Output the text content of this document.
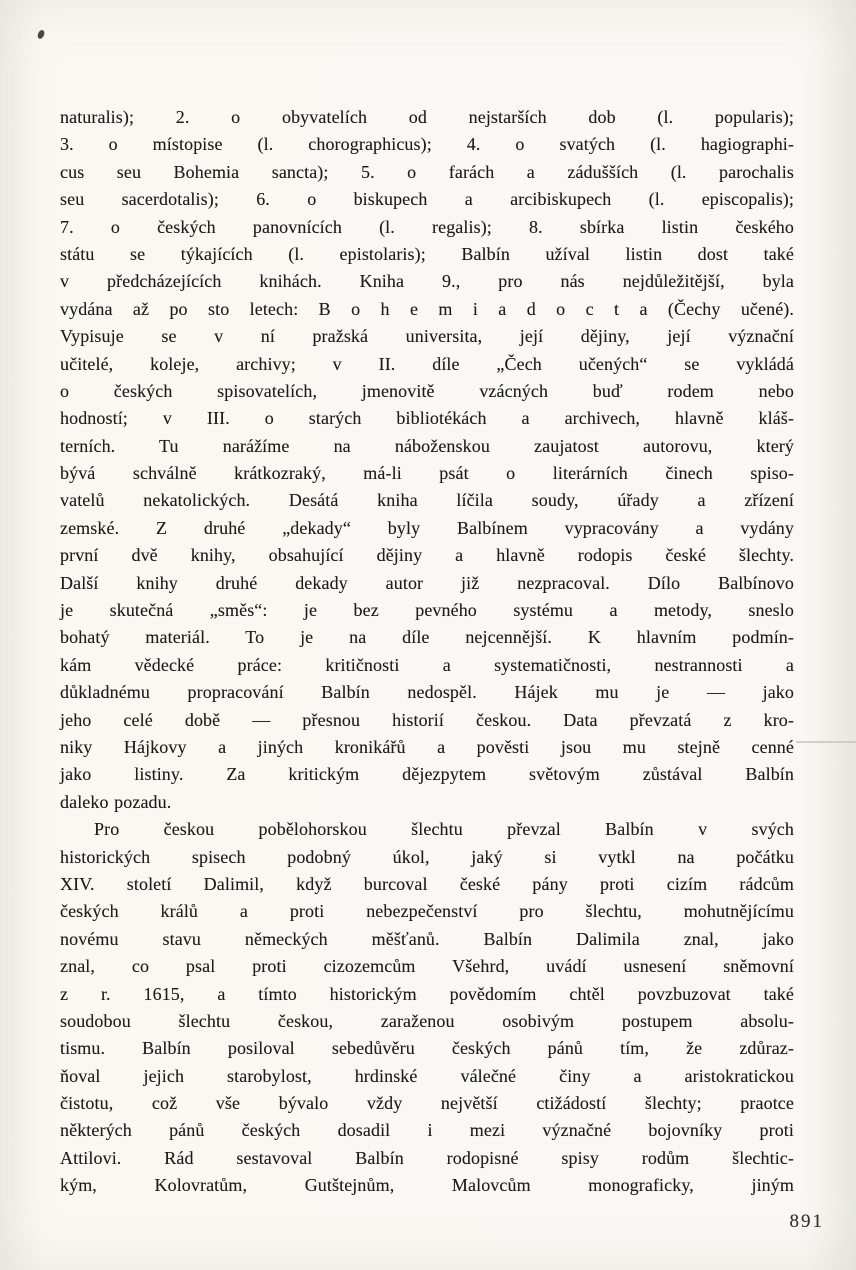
naturalis); 2. o obyvatelích od nejstarších dob (l. popularis);
3. o místopise (l. chorographicus); 4. o svatých (l. hagiographi-
cus seu Bohemia sancta); 5. o farách a zádušších (l. parochalis
seu sacerdotalis); 6. o biskupech a arcibiskupech (l. episcopalis);
7. o českých panovnících (l. regalis); 8. sbírka listin českého
státu se týkajících (l. epistolaris); Balbín užíval listin dost také
v předcházejících knihách. Kniha 9., pro nás nejdůležitější, byla
vydána až po sto letech: B o h e m i a d o c t a (Čechy učené).
Vypisuje se v ní pražská universita, její dějiny, její význační
učitelé, koleje, archivy; v II. díle „Čech učených“ se vykládá
o českých spisovatelích, jmenovitě vzácných buď rodem nebo
hodností; v III. o starých bibliotékách a archivech, hlavně kláš-
terních. Tu narážíme na náboženskou zaujatost autorovu, který
bývá schválně krátkozraký, má-li psát o literárních činech spiso-
vatelů nekatolických. Desátá kniha líčila soudy, úřady a zřízení
zemské. Z druhé „dekady“ byly Balbínem vypracovány a vydány
první dvě knihy, obsahující dějiny a hlavně rodopis české šlechty.
Další knihy druhé dekady autor již nezpracoval. Dílo Balbínovo
je skutečná „směs“: je bez pevného systému a metody, sneslo
bohatý materiál. To je na díle nejcennější. K hlavním podmín-
kám vědecké práce: kritičnosti a systematičnosti, nestrannosti a
důkladnému propracování Balbín nedospěl. Hájek mu je — jako
jeho celé době — přesnou historií českou. Data převzatá z kro-
niky Hájkovy a jiných kronikářů a pověsti jsou mu stejně cenné
jako listiny. Za kritickým dějezpytem světovým zůstával Balbín
daleko pozadu.
Pro českou pobělohorskou šlechtu převzal Balbín v svých
historických spisech podobný úkol, jaký si vytkl na počátku
XIV. století Dalimil, když burcoval české pány proti cizím rádcům
českých králů a proti nebezpečenství pro šlechtu, mohutnějícímu
novému stavu německých měšťanů. Balbín Dalimila znal, jako
znal, co psal proti cizozemcům Všehrd, uvádí usnesení sněmovní
z r. 1615, a tímto historickým povědomím chtěl povzbuzovat také
soudobou šlechtu českou, zaraženou osobivým postupem absolu-
tismu. Balbín posiloval sebedůvěru českých pánů tím, že zdůraz-
ňoval jejich starobylost, hrdinské válečné činy a aristokratickou
čistotu, což vše bývalo vždy největší ctižádostí šlechty; praotce
některých pánů českých dosadil i mezi význačné bojovníky proti
Attilovi. Rád sestavoval Balbín rodopisné spisy rodům šlechtic-
kým, Kolovratům, Gutštejnům, Malovcům monograficky, jiným
891
